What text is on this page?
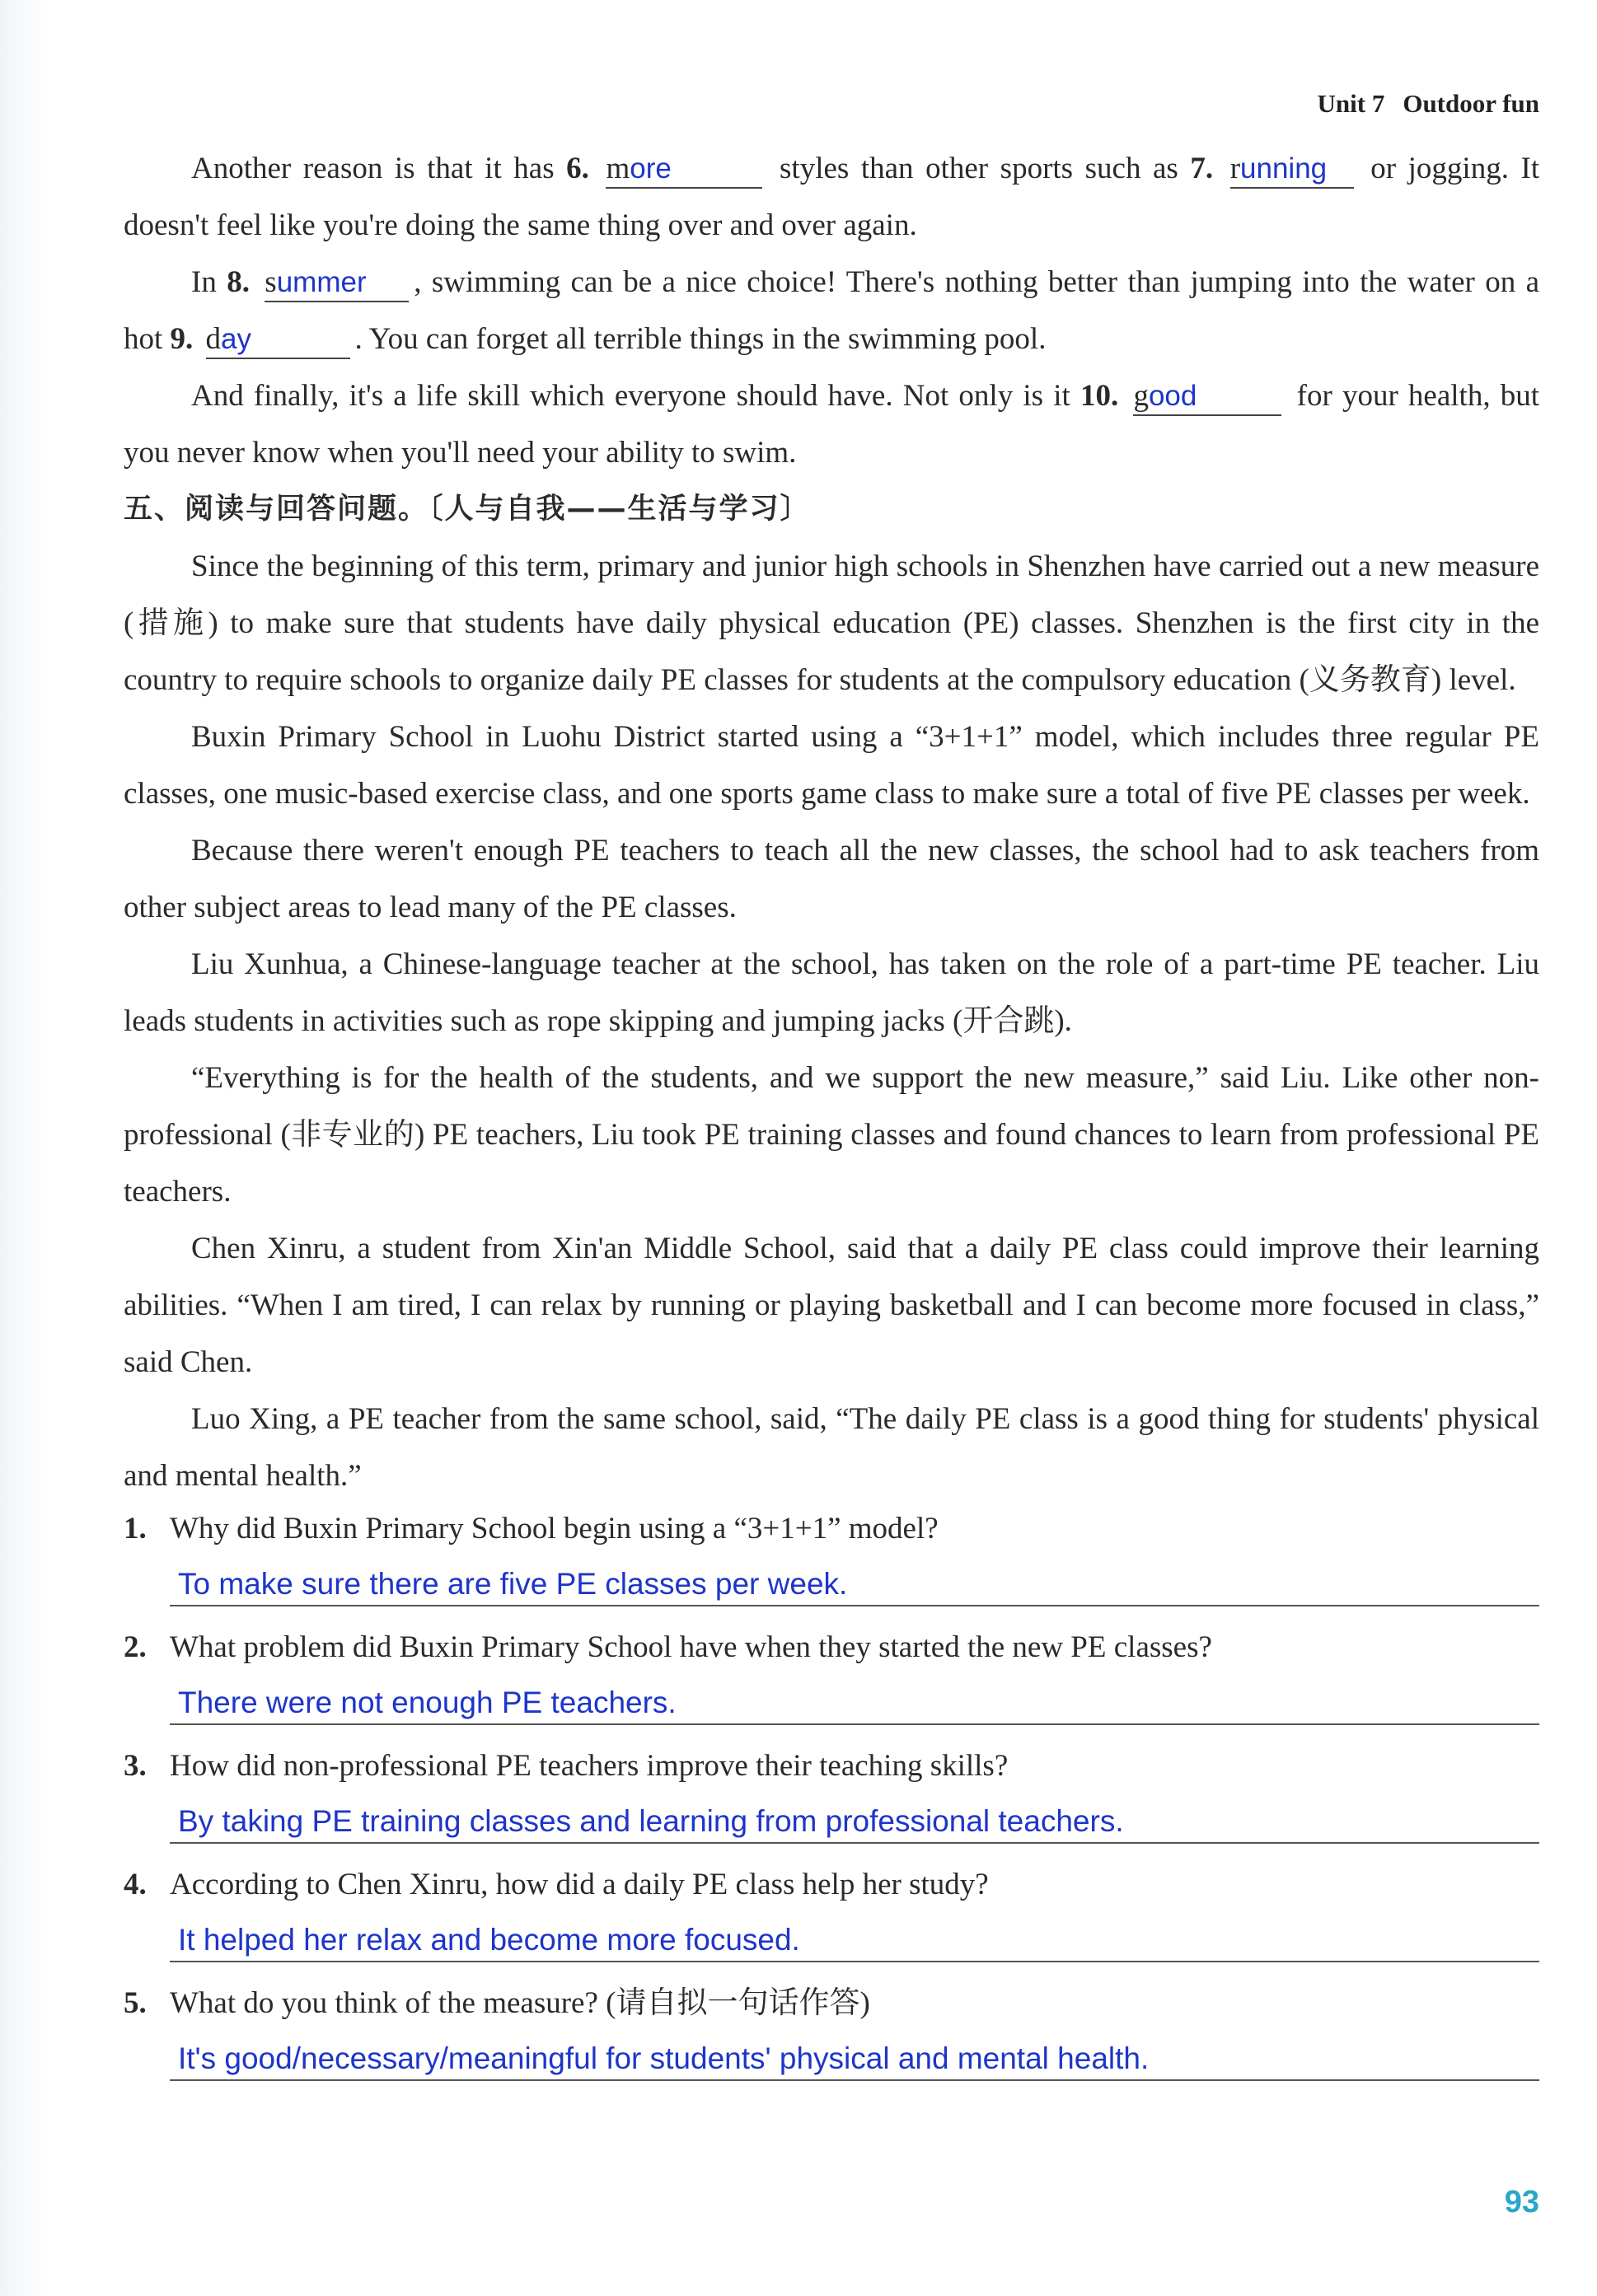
Unit 7 Outdoor fun

Another reason is that it has 6. more	styles than other sports such as 7. running or jogging. It doesn't feel like you're doing the same thing over and over again.

In 8. summer , swimming can be a nice choice! There's nothing better than jumping into the water on a hot 9. day	. You can forget all terrible things in the swimming pool.

And finally, it's a life skill which everyone should have. Not only is it 10. good	for your health, but you never know when you'll need your ability to swim.

五、阅读与回答问题。〔人与自我——生活与学习〕

Since the beginning of this term, primary and junior high schools in Shenzhen have carried out a new measure (措施) to make sure that students have daily physical education (PE) classes. Shenzhen is the first city in the country to require schools to organize daily PE classes for students at the compulsory education (义务教育) level.

Buxin Primary School in Luohu District started using a “3+1+1” model, which includes three regular PE classes, one music-based exercise class, and one sports game class to make sure a total of five PE classes per week.

Because there weren't enough PE teachers to teach all the new classes, the school had to ask teachers from other subject areas to lead many of the PE classes.

Liu Xunhua, a Chinese-language teacher at the school, has taken on the role of a part-time PE teacher. Liu leads students in activities such as rope skipping and jumping jacks (开合跳).

“Everything is for the health of the students, and we support the new measure,” said Liu. Like other non-professional (非专业的) PE teachers, Liu took PE training classes and found chances to learn from professional PE teachers.

Chen Xinru, a student from Xin'an Middle School, said that a daily PE class could improve their learning abilities. “When I am tired, I can relax by running or playing basketball and I can become more focused in class,” said Chen.

Luo Xing, a PE teacher from the same school, said, “The daily PE class is a good thing for students' physical and mental health.”

1. Why did Buxin Primary School begin using a “3+1+1” model?

To make sure there are five PE classes per week.

2. What problem did Buxin Primary School have when they started the new PE classes?

There were not enough PE teachers.

3. How did non-professional PE teachers improve their teaching skills?

By taking PE training classes and learning from professional teachers.

4. According to Chen Xinru, how did a daily PE class help her study?

It helped her relax and become more focused.

5. What do you think of the measure? (请自拟一句话作答)

It's good/necessary/meaningful for students' physical and mental health.
93
